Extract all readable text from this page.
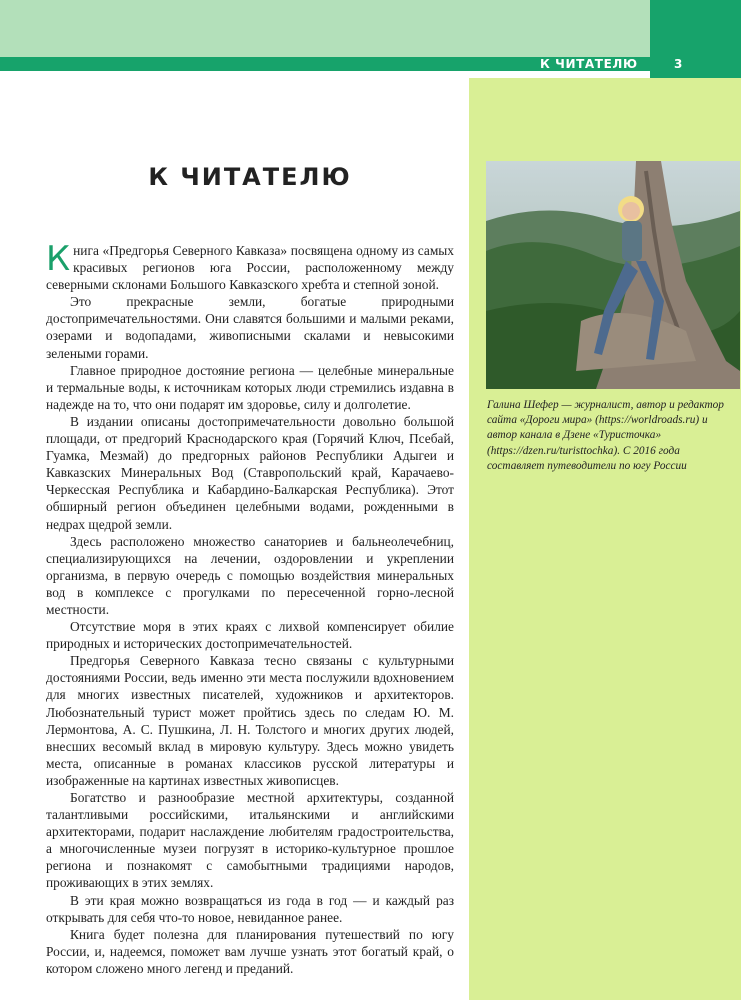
К ЧИТАТЕЛЮ	3
К ЧИТАТЕЛЮ

Книга «Предгорья Северного Кавказа» посвящена одному из самых красивых регионов юга России, расположенному между северными склонами Большого Кавказского хребта и степной зоной.

Это прекрасные земли, богатые природными достопримечательностями. Они славятся большими и малыми реками, озерами и водопадами, живописными скалами и невысокими зелеными горами.

Главное природное достояние региона — целебные минеральные и термальные воды, к источникам которых люди стремились издавна в надежде на то, что они подарят им здоровье, силу и долголетие.

В издании описаны достопримечательности довольно большой площади, от предгорий Краснодарского края (Горячий Ключ, Псебай, Гуамка, Мезмай) до предгорных районов Республики Адыгеи и Кавказских Минеральных Вод (Ставропольский край, Карачаево-Черкесская Республика и Кабардино-Балкарская Республика). Этот обширный регион объединен целебными водами, рожденными в недрах щедрой земли.

Здесь расположено множество санаториев и бальнеолечебниц, специализирующихся на лечении, оздоровлении и укреплении организма, в первую очередь с помощью воздействия минеральных вод в комплексе с прогулками по пересеченной горно-лесной местности.

Отсутствие моря в этих краях с лихвой компенсирует обилие природных и исторических достопримечательностей.

Предгорья Северного Кавказа тесно связаны с культурными достояниями России, ведь именно эти места послужили вдохновением для многих известных писателей, художников и архитекторов. Любознательный турист может пройтись здесь по следам Ю. М. Лермонтова, А. С. Пушкина, Л. Н. Толстого и многих других людей, внесших весомый вклад в мировую культуру. Здесь можно увидеть места, описанные в романах классиков русской литературы и изображенные на картинах известных живописцев.

Богатство и разнообразие местной архитектуры, созданной талантливыми российскими, итальянскими и английскими архитекторами, подарит наслаждение любителям градостроительства, а многочисленные музеи погрузят в историко-культурное прошлое региона и познакомят с самобытными традициями народов, проживающих в этих землях.

В эти края можно возвращаться из года в год — и каждый раз открывать для себя что-то новое, невиданное ранее.

Книга будет полезна для планирования путешествий по югу России, и, надеемся, поможет вам лучше узнать этот богатый край, о котором сложено много легенд и преданий.

Галина Шефер — журналист, автор и редактор сайта «Дороги мира» (https://worldroads.ru) и автор канала в Дзене «Туристочка» (https://dzen.ru/turisttochka). С 2016 года составляет путеводители по югу России
